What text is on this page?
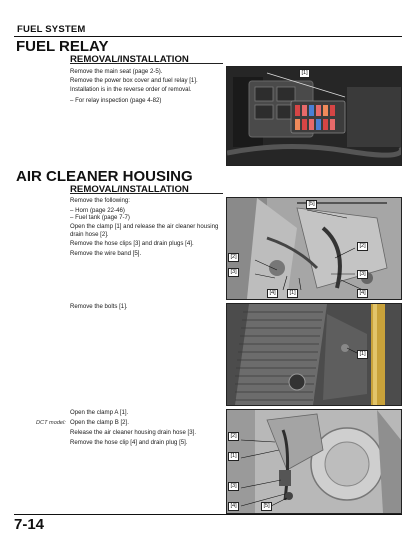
FUEL SYSTEM
FUEL RELAY
REMOVAL/INSTALLATION
Remove the main seat (page 2-5).
Remove the power box cover and fuel relay [1].
Installation is in the reverse order of removal.
– For relay inspection (page 4-82)
[1]
AIR CLEANER HOUSING
REMOVAL/INSTALLATION
Remove the following:
– Horn (page 22-46)
– Fuel tank (page 7-7)
Open the clamp [1] and release the air cleaner housing drain hose [2].
Remove the hose clips [3] and drain plugs [4].
Remove the wire band [5].
[5]
[2]
[2]
[3]	[3]
[4]	[1]	[4]
Remove the bolts [1].
[1]
Open the clamp A [1].
DCT model: Open the clamp B [2].
Release the air cleaner housing drain hose [3].
Remove the hose clip [4] and drain plug [5].
[2]
[1]
[3]
[4]	[5]
7-14
